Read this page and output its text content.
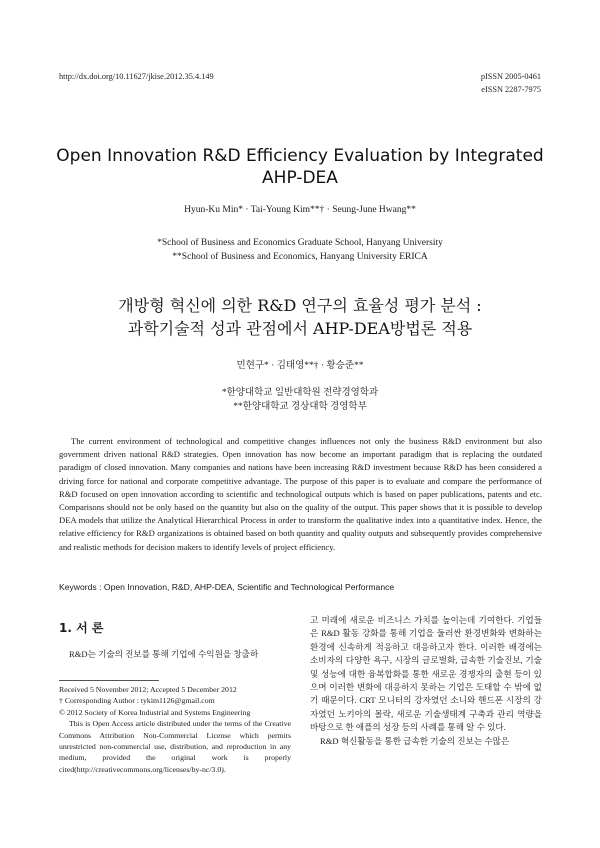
http://dx.doi.org/10.11627/jkise.2012.35.4.149	pISSN 2005-0461
eISSN 2287-7975
Open Innovation R&D Efficiency Evaluation by Integrated AHP-DEA
Hyun-Ku Min* · Tai-Young Kim**† · Seung-June Hwang**
*School of Business and Economics Graduate School, Hanyang University
**School of Business and Economics, Hanyang University ERICA
개방형 혁신에 의한 R&D 연구의 효율성 평가 분석 :
과학기술적 성과 관점에서 AHP-DEA방법론 적용
민현구* · 김태영**† · 황승준**
*한양대학교 일반대학원 전략경영학과
**한양대학교 경상대학 경영학부

The current environment of technological and competitive changes influences not only the business R&D environment but also government driven national R&D strategies. Open innovation has now become an important paradigm that is replacing the outdated paradigm of closed innovation. Many companies and nations have been increasing R&D investment because R&D has been considered a driving force for national and corporate competitive advantage. The purpose of this paper is to evaluate and compare the performance of R&D focused on open innovation according to scientific and technological outputs which is based on paper publications, patents and etc. Comparisons should not be only based on the quantity but also on the quality of the output. This paper shows that it is possible to develop DEA models that utilize the Analytical Hierarchical Process in order to transform the qualitative index into a quantitative index. Hence, the relative efficiency for R&D organizations is obtained based on both quantity and quality outputs and subsequently provides comprehensive and realistic methods for decision makers to identify levels of project efficiency.

Keywords : Open Innovation, R&D, AHP-DEA, Scientific and Technological Performance
1. 서 론

R&D는 기술의 진보를 통해 기업에 수익원을 창출하

Received 5 November 2012; Accepted 5 December 2012
† Corresponding Author : tykim1126@gmail.com
© 2012 Society of Korea Industrial and Systems Engineering
This is Open Access article distributed under the terms of the Creative Commons Attribution Non-Commercial License which permits unrestricted non-commercial use, distribution, and reproduction in any medium, provided the original work is properly cited(http://creativecommons.org/licenses/by-nc/3.0).
고 미래에 새로운 비즈니스 가치를 높이는데 기여한다. 기업들은 R&D 활동 강화를 통해 기업을 둘러싼 환경변화와 변화하는 환경에 신속하게 적응하고 대응하고자 한다. 이러한 배경에는 소비자의 다양한 욕구, 시장의 글로벌화, 급속한 기술진보, 기술 및 성능에 대한 융복합화를 통한 새로운 경쟁자의 출현 등이 있으며 이러한 변화에 대응하지 못하는 기업은 도태할 수 밖에 없기 때문이다. CRT 모니터의 강자였던 소니와 핸드폰 시장의 강자였던 노키아의 몰락, 새로운 기술생태계 구축과 관리 역량을 바탕으로 한 애플의 성장 등의 사례를 통해 알 수 있다.
R&D 혁신활동을 통한 급속한 기술의 진보는 수많은
